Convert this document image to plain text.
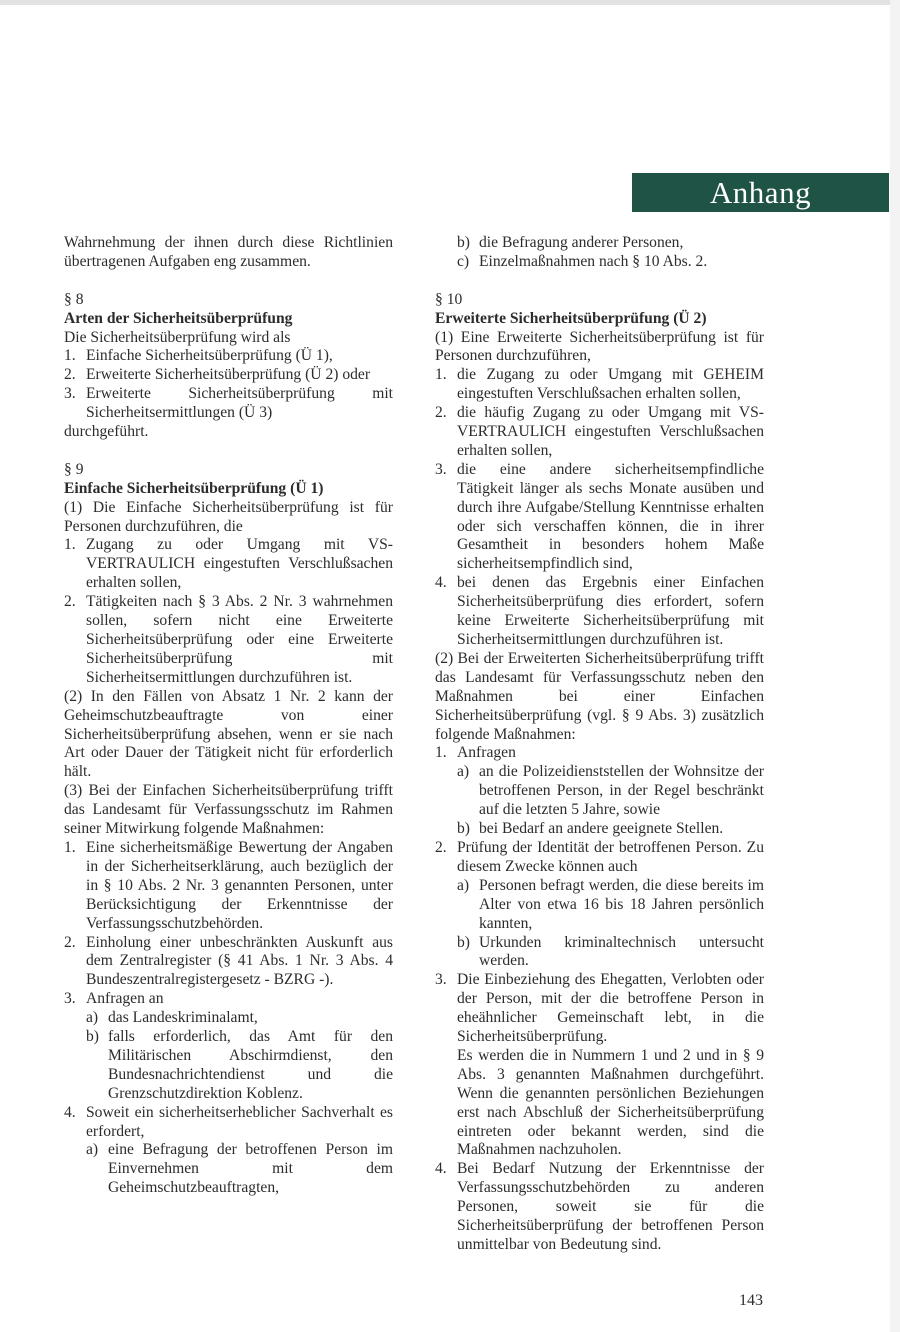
Anhang

Wahrnehmung der ihnen durch diese Richtlinien übertragenen Aufgaben eng zusammen.

§ 8

Arten der Sicherheitsüberprüfung

Die Sicherheitsüberprüfung wird als

1. Einfache Sicherheitsüberprüfung (Ü 1),
2. Erweiterte Sicherheitsüberprüfung (Ü 2) oder
3. Erweiterte Sicherheitsüberprüfung mit Sicherheitsermittlungen (Ü 3)

durchgeführt.

§ 9

Einfache Sicherheitsüberprüfung (Ü 1)

(1) Die Einfache Sicherheitsüberprüfung ist für Personen durchzuführen, die

1. Zugang zu oder Umgang mit VS-VERTRAULICH eingestuften Verschlußsachen erhalten sollen,
2. Tätigkeiten nach § 3 Abs. 2 Nr. 3 wahrnehmen sollen, sofern nicht eine Erweiterte Sicherheitsüberprüfung oder eine Erweiterte Sicherheitsüberprüfung mit Sicherheitsermittlungen durchzuführen ist.

(2) In den Fällen von Absatz 1 Nr. 2 kann der Geheimschutzbeauftragte von einer Sicherheitsüberprüfung absehen, wenn er sie nach Art oder Dauer der Tätigkeit nicht für erforderlich hält.

(3) Bei der Einfachen Sicherheitsüberprüfung trifft das Landesamt für Verfassungsschutz im Rahmen seiner Mitwirkung folgende Maßnahmen:

1. Eine sicherheitsmäßige Bewertung der Angaben in der Sicherheitserklärung, auch bezüglich der in § 10 Abs. 2 Nr. 3 genannten Personen, unter Berücksichtigung der Erkenntnisse der Verfassungsschutzbehörden.
2. Einholung einer unbeschränkten Auskunft aus dem Zentralregister (§ 41 Abs. 1 Nr. 3 Abs. 4 Bundeszentralregistergesetz - BZRG -).
3. Anfragen an
a) das Landeskriminalamt,
b) falls erforderlich, das Amt für den Militärischen Abschirmdienst, den Bundesnachrichtendienst und die Grenzschutzdirektion Koblenz.
4. Soweit ein sicherheitserheblicher Sachverhalt es erfordert,
a) eine Befragung der betroffenen Person im Einvernehmen mit dem Geheimschutzbeauftragten,
b) die Befragung anderer Personen,
c) Einzelmaßnahmen nach § 10 Abs. 2.

§ 10

Erweiterte Sicherheitsüberprüfung (Ü 2)

(1) Eine Erweiterte Sicherheitsüberprüfung ist für Personen durchzuführen,

1. die Zugang zu oder Umgang mit GEHEIM eingestuften Verschlußsachen erhalten sollen,
2. die häufig Zugang zu oder Umgang mit VS-VERTRAULICH eingestuften Verschlußsachen erhalten sollen,
3. die eine andere sicherheitsempfindliche Tätigkeit länger als sechs Monate ausüben und durch ihre Aufgabe/Stellung Kenntnisse erhalten oder sich verschaffen können, die in ihrer Gesamtheit in besonders hohem Maße sicherheitsempfindlich sind,
4. bei denen das Ergebnis einer Einfachen Sicherheitsüberprüfung dies erfordert, sofern keine Erweiterte Sicherheitsüberprüfung mit Sicherheitsermittlungen durchzuführen ist.

(2) Bei der Erweiterten Sicherheitsüberprüfung trifft das Landesamt für Verfassungsschutz neben den Maßnahmen bei einer Einfachen Sicherheitsüberprüfung (vgl. § 9 Abs. 3) zusätzlich folgende Maßnahmen:

1. Anfragen
a) an die Polizeidienststellen der Wohnsitze der betroffenen Person, in der Regel beschränkt auf die letzten 5 Jahre, sowie
b) bei Bedarf an andere geeignete Stellen.
2. Prüfung der Identität der betroffenen Person. Zu diesem Zwecke können auch
a) Personen befragt werden, die diese bereits im Alter von etwa 16 bis 18 Jahren persönlich kannten,
b) Urkunden kriminaltechnisch untersucht werden.
3. Die Einbeziehung des Ehegatten, Verlobten oder der Person, mit der die betroffene Person in eheähnlicher Gemeinschaft lebt, in die Sicherheitsüberprüfung.

Es werden die in Nummern 1 und 2 und in § 9 Abs. 3 genannten Maßnahmen durchgeführt. Wenn die genannten persönlichen Beziehungen erst nach Abschluß der Sicherheitsüberprüfung eintreten oder bekannt werden, sind die Maßnahmen nachzuholen.

4. Bei Bedarf Nutzung der Erkenntnisse der Verfassungsschutzbehörden zu anderen Personen, soweit sie für die Sicherheitsüberprüfung der betroffenen Person unmittelbar von Bedeutung sind.
143
